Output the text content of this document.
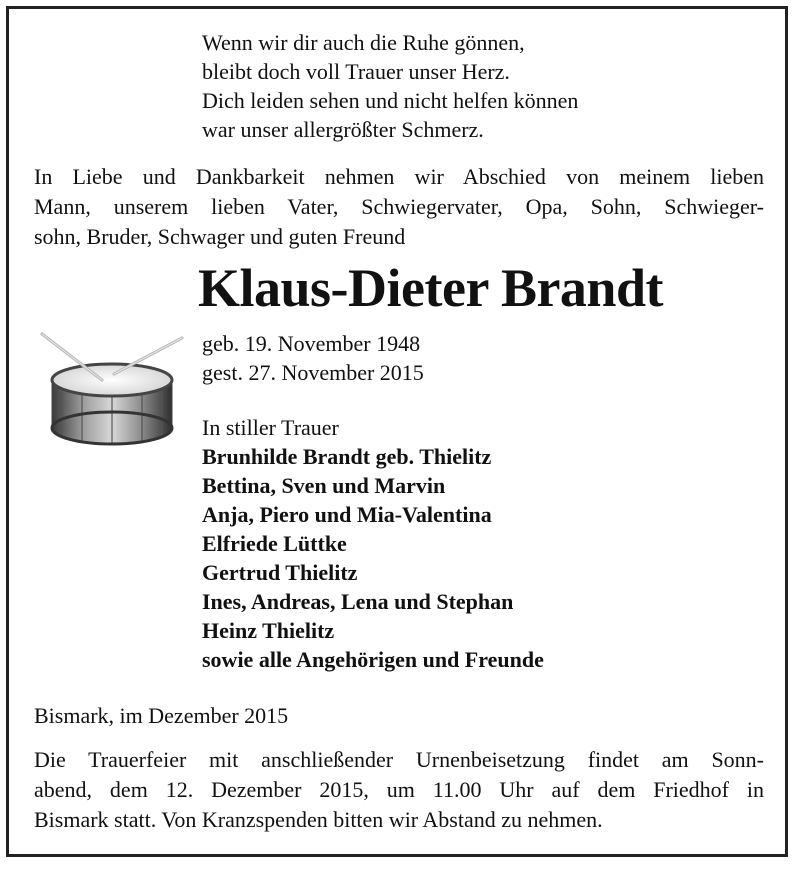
Wenn wir dir auch die Ruhe gönnen,
bleibt doch voll Trauer unser Herz.
Dich leiden sehen und nicht helfen können
war unser allergrößter Schmerz.
In Liebe und Dankbarkeit nehmen wir Abschied von meinem lieben
Mann, unserem lieben Vater, Schwiegervater, Opa, Sohn, Schwieger-
sohn, Bruder, Schwager und guten Freund
Klaus-Dieter Brandt
geb. 19. November 1948
gest. 27. November 2015
In stiller Trauer
Brunhilde Brandt geb. Thielitz
Bettina, Sven und Marvin
Anja, Piero und Mia-Valentina
Elfriede Lüttke
Gertrud Thielitz
Ines, Andreas, Lena und Stephan
Heinz Thielitz
sowie alle Angehörigen und Freunde
Bismark, im Dezember 2015
Die Trauerfeier mit anschließender Urnenbeisetzung findet am Sonn-
abend, dem 12. Dezember 2015, um 11.00 Uhr auf dem Friedhof in
Bismark statt. Von Kranzspenden bitten wir Abstand zu nehmen.
